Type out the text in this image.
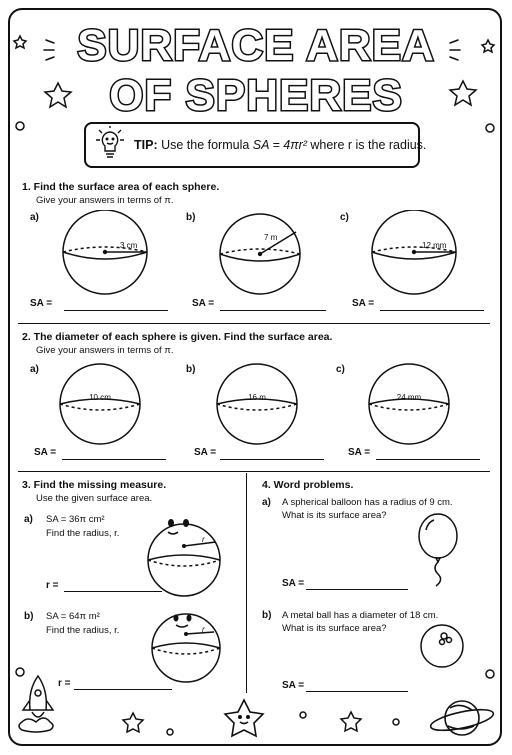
SURFACE AREA
OF SPHERES
TIP: Use the formula SA = 4πr² where r is the radius.
1. Find the surface area of each sphere.
Give your answers in terms of π.
a)	b)	c)
3 cm
7 m
12 mm
SA =	SA =	SA =
2. The diameter of each sphere is given. Find the surface area.
Give your answers in terms of π.
a)	b)	c)
10 cm	16 m	24 mm
SA =	SA =	SA =
3. Find the missing measure.
Use the given surface area.
a) SA = 36π cm²
Find the radius, r.
r
r =
b) SA = 64π m²
Find the radius, r.	r
r =
4. Word problems.
a) A spherical balloon has a radius of 9 cm.
What is its surface area?
SA =
b) A metal ball has a diameter of 18 cm.
What is its surface area?
SA =
